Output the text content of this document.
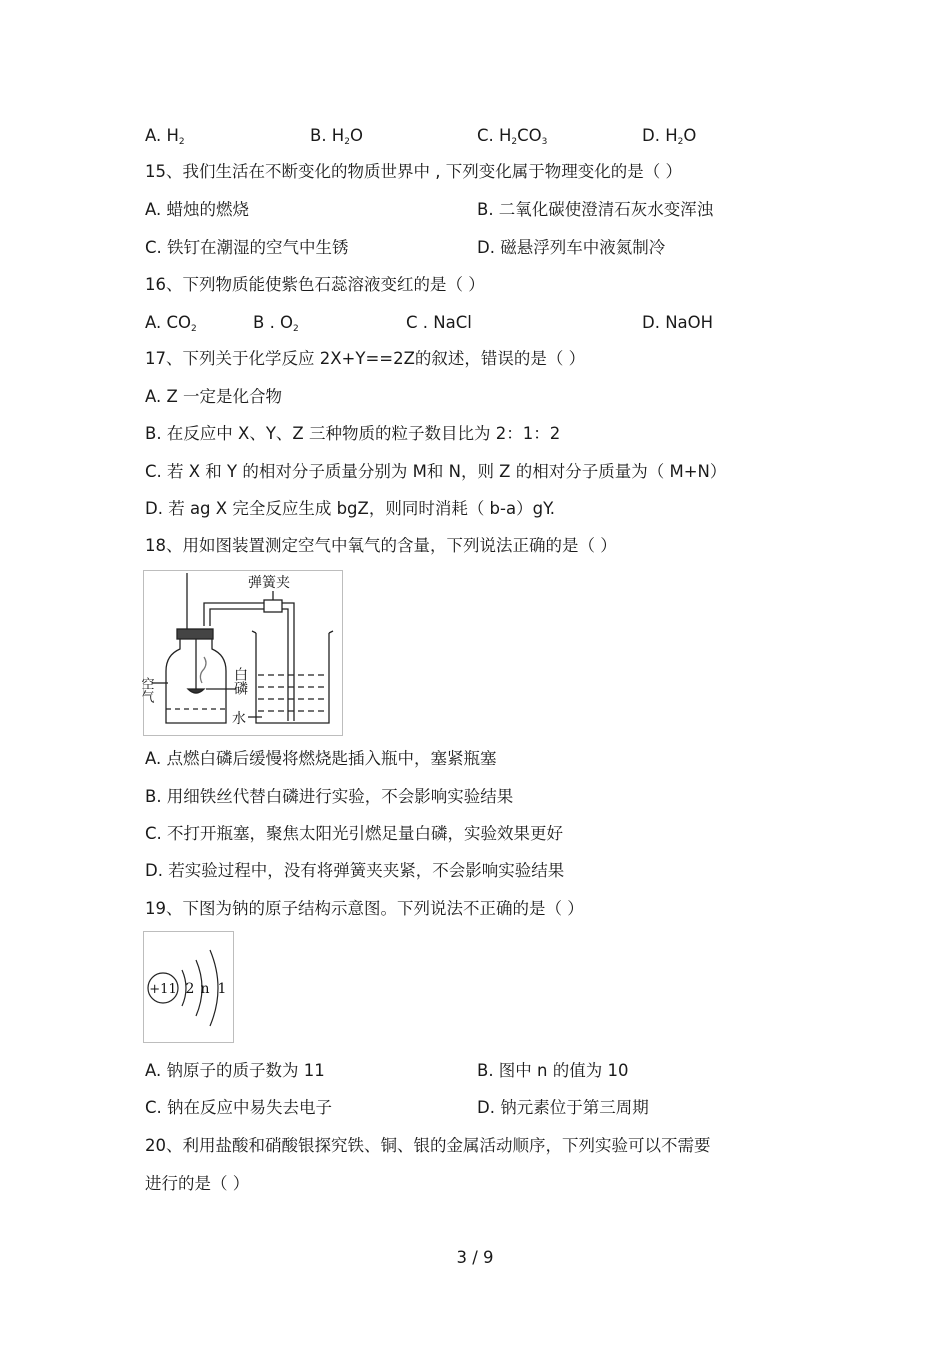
A. $H_2$	B. $H_2O$	C. $H_2CO_3$	D. $H_2O$
15、我们生活在不断变化的物质世界中 , 下列变化属于物理变化的是（ ）
A. 蜡烛的燃烧	B. 二氧化碳使澄清石灰水变浑浊
C. 铁钉在潮湿的空气中生锈	D. 磁悬浮列车中液氮制冷
16、下列物质能使紫色石蕊溶液变红的是（ ）
A. $CO_2$	B . $O_2$	C . NaCl	D. NaOH
17、下列关于化学反应 2X+Y==2Z的叙述，错误的是（ ）
A. Z 一定是化合物
B. 在反应中 X、Y、Z 三种物质的粒子数目比为 2：1：2
C. 若 X 和 Y 的相对分子质量分别为 M和 N，则 Z 的相对分子质量为（ M+N）
D. 若 ag X 完全反应生成 bgZ，则同时消耗（ b-a）gY.
18、用如图装置测定空气中氧气的含量，下列说法正确的是（ ）
弹簧夹
空气	白磷
水
A. 点燃白磷后缓慢将燃烧匙插入瓶中，塞紧瓶塞
B. 用细铁丝代替白磷进行实验，不会影响实验结果
C. 不打开瓶塞，聚焦太阳光引燃足量白磷，实验效果更好
D. 若实验过程中，没有将弹簧夹夹紧，不会影响实验结果
19、下图为钠的原子结构示意图。下列说法不正确的是（ ）
+11 2 n 1
A. 钠原子的质子数为 11	B. 图中 n 的值为 10
C. 钠在反应中易失去电子	D. 钠元素位于第三周期
20、利用盐酸和硝酸银探究铁、铜、银的金属活动顺序，下列实验可以不需要
进行的是（ ）
3 / 9
